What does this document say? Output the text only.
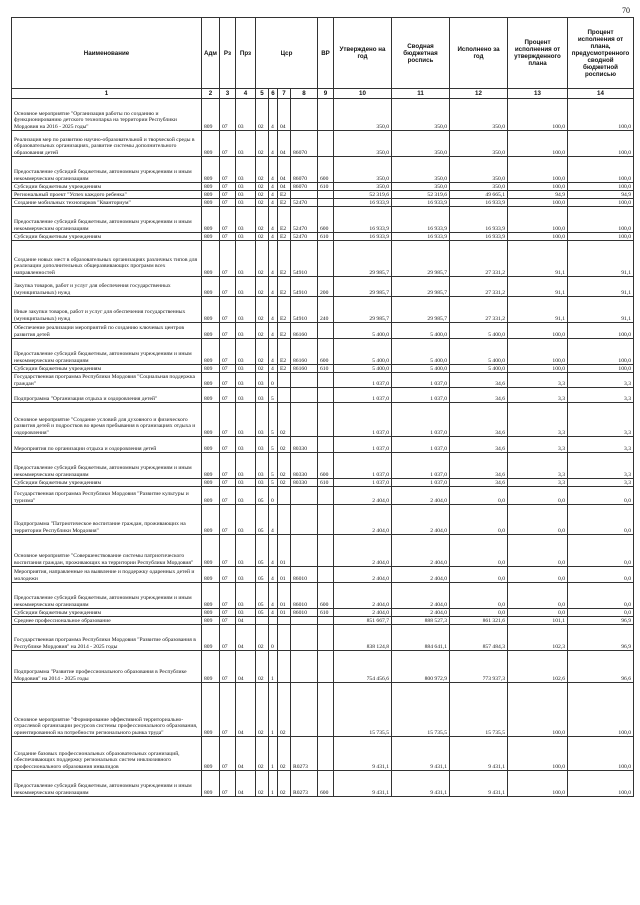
70
Наименование	Адм	Рз	Прз	Цср				ВР	Утверждено на год	Сводная бюджетная роспись	Исполнено за год	Процент исполнения от утвержденного плана	Процент исполнения от плана, предусмотренного сводной бюджетной росписью
1	2	3	4	5	6	7	8	9	10	11	12	13	14
Основное мероприятие "Организация работы по созданию и функционированию детского технопарка на территории Республики Мордовия на 2016 - 2025 годы"	809	07	03	02	4	04			350,0	350,0	350,0	100,0	100,0
Реализация мер по развитию научно-образовательной и творческой среды в образовательных организациях, развитие системы дополнительного образования детей	809	07	03	02	4	04	86070		350,0	350,0	350,0	100,0	100,0
Предоставление субсидий бюджетным, автономным учреждениям и иным некоммерческим организациям	809	07	03	02	4	04	86070	600	350,0	350,0	350,0	100,0	100,0
Субсидии бюджетным учреждениям	809	07	03	02	4	04	86070	610	350,0	350,0	350,0	100,0	100,0
Региональный проект "Успех каждого ребенка"	809	07	03	02	4	E2			52 319,6	52 319,6	49 665,1	94,9	94,9
Создание мобильных технопарков "Кванториум"	809	07	03	02	4	E2	52470		16 933,9	16 933,9	16 933,9	100,0	100,0
Предоставление субсидий бюджетным, автономным учреждениям и иным некоммерческим организациям	809	07	03	02	4	E2	52470	600	16 933,9	16 933,9	16 933,9	100,0	100,0
Субсидии бюджетным учреждениям	809	07	03	02	4	E2	52470	610	16 933,9	16 933,9	16 933,9	100,0	100,0
Создание новых мест в образовательных организациях различных типов для реализации дополнительных общеразвивающих программ всех направленностей	809	07	03	02	4	E2	54910		29 985,7	29 985,7	27 331,2	91,1	91,1
Закупка товаров, работ и услуг для обеспечения государственных (муниципальных) нужд	809	07	03	02	4	E2	54910	200	29 985,7	29 985,7	27 331,2	91,1	91,1
Иные закупки товаров, работ и услуг для обеспечения государственных (муниципальных) нужд	809	07	03	02	4	E2	54910	240	29 985,7	29 985,7	27 331,2	91,1	91,1
Обеспечение реализации мероприятий по созданию ключевых центров развития детей	809	07	03	02	4	E2	86160		5 400,0	5 400,0	5 400,0	100,0	100,0
Предоставление субсидий бюджетным, автономным учреждениям и иным некоммерческим организациям	809	07	03	02	4	E2	86160	600	5 400,0	5 400,0	5 400,0	100,0	100,0
Субсидии бюджетным учреждениям	809	07	03	02	4	E2	86160	610	5 400,0	5 400,0	5 400,0	100,0	100,0
Государственная программа Республики Мордовия "Социальная поддержка граждан"	809	07	03	03	0				1 037,0	1 037,0	34,6	3,3	3,3
Подпрограмма "Организация отдыха и оздоровления детей"	809	07	03	03	5				1 037,0	1 037,0	34,6	3,3	3,3
Основное мероприятие "Создание условий для духовного и физического развития детей и подростков во время пребывания в организациях отдыха и оздоровления"	809	07	03	03	5	02			1 037,0	1 037,0	34,6	3,3	3,3
Мероприятия по организации отдыха и оздоровления детей	809	07	03	03	5	02	80330		1 037,0	1 037,0	34,6	3,3	3,3
Предоставление субсидий бюджетным, автономным учреждениям и иным некоммерческим организациям	809	07	03	03	5	02	80330	600	1 037,0	1 037,0	34,6	3,3	3,3
Субсидии бюджетным учреждениям	809	07	03	03	5	02	80330	610	1 037,0	1 037,0	34,6	3,3	3,3
Государственная программа Республики Мордовия "Развитие культуры и туризма"	809	07	03	05	0				2 404,0	2 404,0	0,0	0,0	0,0
Подпрограмма "Патриотическое воспитание граждан, проживающих на территории Республики Мордовия"	809	07	03	05	4				2 404,0	2 404,0	0,0	0,0	0,0
Основное мероприятие "Совершенствование системы патриотического воспитания граждан, проживающих на территории Республики Мордовия"	809	07	03	05	4	01			2 404,0	2 404,0	0,0	0,0	0,0
Мероприятия, направленные на выявление и поддержку одаренных детей и молодежи	809	07	03	05	4	01	86010		2 404,0	2 404,0	0,0	0,0	0,0
Предоставление субсидий бюджетным, автономным учреждениям и иным некоммерческим организациям	809	07	03	05	4	01	86010	600	2 404,0	2 404,0	0,0	0,0	0,0
Субсидии бюджетным учреждениям	809	07	03	05	4	01	86010	610	2 404,0	2 404,0	0,0	0,0	0,0
Среднее профессиональное образование	809	07	04						851 667,7	888 527,3	861 321,6	101,1	96,9
Государственная программа Республики Мордовия "Развитие образования в Республике Мордовия" на 2014 - 2025 годы	809	07	04	02	0				838 124,8	884 641,1	857 484,3	102,3	96,9
Подпрограмма "Развитие профессионального образования в Республике Мордовия" на 2014 - 2025 годы	809	07	04	02	1				754 456,6	800 972,9	773 937,3	102,6	96,6
Основное мероприятие "Формирование эффективной территориально-отраслевой организации ресурсов системы профессионального образования, ориентированной на потребности регионального рынка труда"	809	07	04	02	1	02			15 735,5	15 735,5	15 735,5	100,0	100,0
Создание базовых профессиональных образовательных организаций, обеспечивающих поддержку региональных систем инклюзивного профессионального образования инвалидов	809	07	04	02	1	02	R0273		9 431,1	9 431,1	9 431,1	100,0	100,0
Предоставление субсидий бюджетным, автономным учреждениям и иным некоммерческим организациям	809	07	04	02	1	02	R0273	600	9 431,1	9 431,1	9 431,1	100,0	100,0
